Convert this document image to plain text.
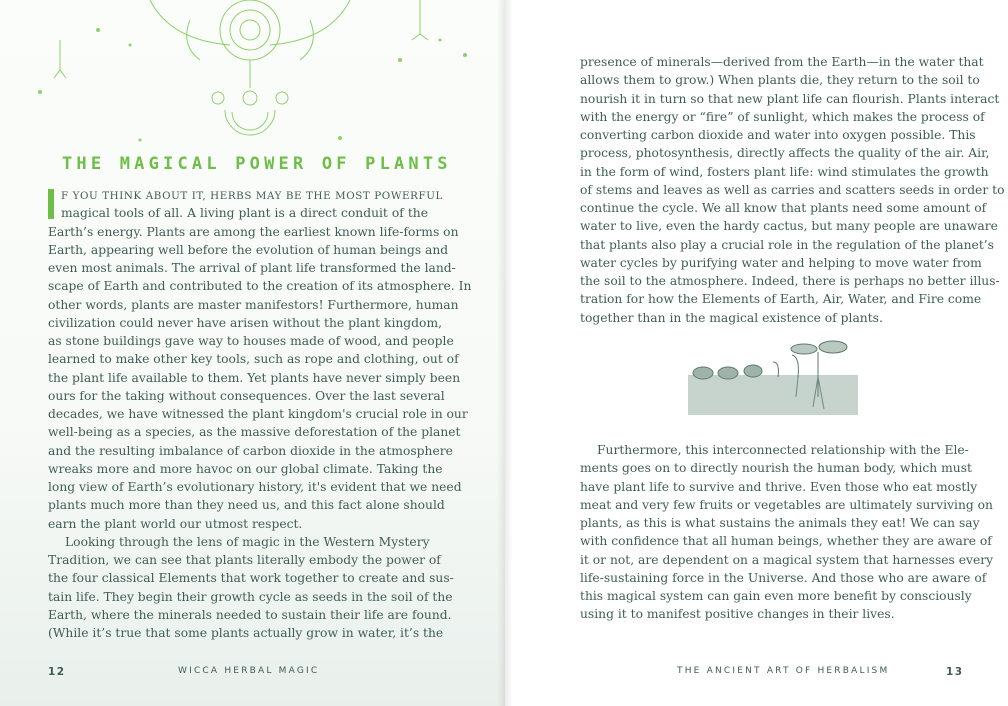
THE MAGICAL POWER OF PLANTS
F YOU THINK ABOUT IT, HERBS MAY BE THE MOST POWERFUL
magical tools of all. A living plant is a direct conduit of the
Earth’s energy. Plants are among the earliest known life-forms on
Earth, appearing well before the evolution of human beings and
even most animals. The arrival of plant life transformed the land-
scape of Earth and contributed to the creation of its atmosphere. In
other words, plants are master manifestors! Furthermore, human
civilization could never have arisen without the plant kingdom,
as stone buildings gave way to houses made of wood, and people
learned to make other key tools, such as rope and clothing, out of
the plant life available to them. Yet plants have never simply been
ours for the taking without consequences. Over the last several
decades, we have witnessed the plant kingdom's crucial role in our
well-being as a species, as the massive deforestation of the planet
and the resulting imbalance of carbon dioxide in the atmosphere
wreaks more and more havoc on our global climate. Taking the
long view of Earth’s evolutionary history, it's evident that we need
plants much more than they need us, and this fact alone should
earn the plant world our utmost respect.
Looking through the lens of magic in the Western Mystery
Tradition, we can see that plants literally embody the power of
the four classical Elements that work together to create and sus-
tain life. They begin their growth cycle as seeds in the soil of the
Earth, where the minerals needed to sustain their life are found.
(While it’s true that some plants actually grow in water, it’s the
12	WICCA HERBAL MAGIC
presence of minerals—derived from the Earth—in the water that
allows them to grow.) When plants die, they return to the soil to
nourish it in turn so that new plant life can flourish. Plants interact
with the energy or “fire” of sunlight, which makes the process of
converting carbon dioxide and water into oxygen possible. This
process, photosynthesis, directly affects the quality of the air. Air,
in the form of wind, fosters plant life: wind stimulates the growth
of stems and leaves as well as carries and scatters seeds in order to
continue the cycle. We all know that plants need some amount of
water to live, even the hardy cactus, but many people are unaware
that plants also play a crucial role in the regulation of the planet’s
water cycles by purifying water and helping to move water from
the soil to the atmosphere. Indeed, there is perhaps no better illus-
tration for how the Elements of Earth, Air, Water, and Fire come
together than in the magical existence of plants.
Furthermore, this interconnected relationship with the Ele-
ments goes on to directly nourish the human body, which must
have plant life to survive and thrive. Even those who eat mostly
meat and very few fruits or vegetables are ultimately surviving on
plants, as this is what sustains the animals they eat! We can say
with confidence that all human beings, whether they are aware of
it or not, are dependent on a magical system that harnesses every
life-sustaining force in the Universe. And those who are aware of
this magical system can gain even more benefit by consciously
using it to manifest positive changes in their lives.
THE ANCIENT ART OF HERBALISM	13
